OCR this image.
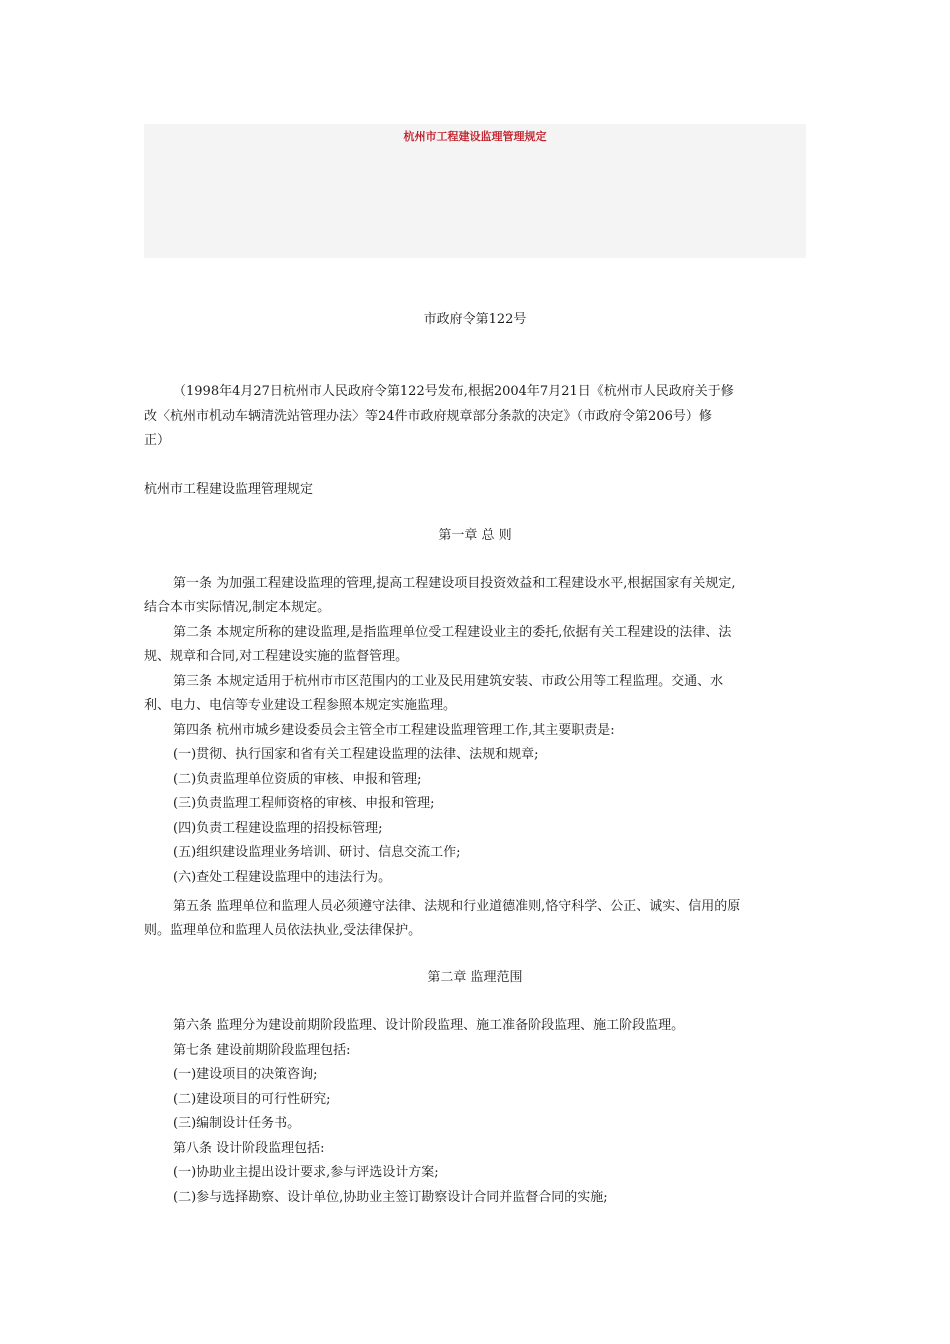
杭州市工程建设监理管理规定
市政府令第122号
（1998年4月27日杭州市人民政府令第122号发布,根据2004年7月21日《杭州市人民政府关于修
改〈杭州市机动车辆清洗站管理办法〉等24件市政府规章部分条款的决定》（市政府令第206号）修
正）
杭州市工程建设监理管理规定
第一章 总 则
第一条 为加强工程建设监理的管理,提高工程建设项目投资效益和工程建设水平,根据国家有关规定,
结合本市实际情况,制定本规定。
第二条 本规定所称的建设监理,是指监理单位受工程建设业主的委托,依据有关工程建设的法律、法
规、规章和合同,对工程建设实施的监督管理。
第三条 本规定适用于杭州市市区范围内的工业及民用建筑安装、市政公用等工程监理。交通、水
利、电力、电信等专业建设工程参照本规定实施监理。
第四条 杭州市城乡建设委员会主管全市工程建设监理管理工作,其主要职责是:
(一)贯彻、执行国家和省有关工程建设监理的法律、法规和规章;
(二)负责监理单位资质的审核、申报和管理;
(三)负责监理工程师资格的审核、申报和管理;
(四)负责工程建设监理的招投标管理;
(五)组织建设监理业务培训、研讨、信息交流工作;
(六)查处工程建设监理中的违法行为。
第五条 监理单位和监理人员必须遵守法律、法规和行业道德准则,恪守科学、公正、诚实、信用的原
则。监理单位和监理人员依法执业,受法律保护。
第二章 监理范围
第六条 监理分为建设前期阶段监理、设计阶段监理、施工准备阶段监理、施工阶段监理。
第七条 建设前期阶段监理包括:
(一)建设项目的决策咨询;
(二)建设项目的可行性研究;
(三)编制设计任务书。
第八条 设计阶段监理包括:
(一)协助业主提出设计要求,参与评选设计方案;
(二)参与选择勘察、设计单位,协助业主签订勘察设计合同并监督合同的实施;
